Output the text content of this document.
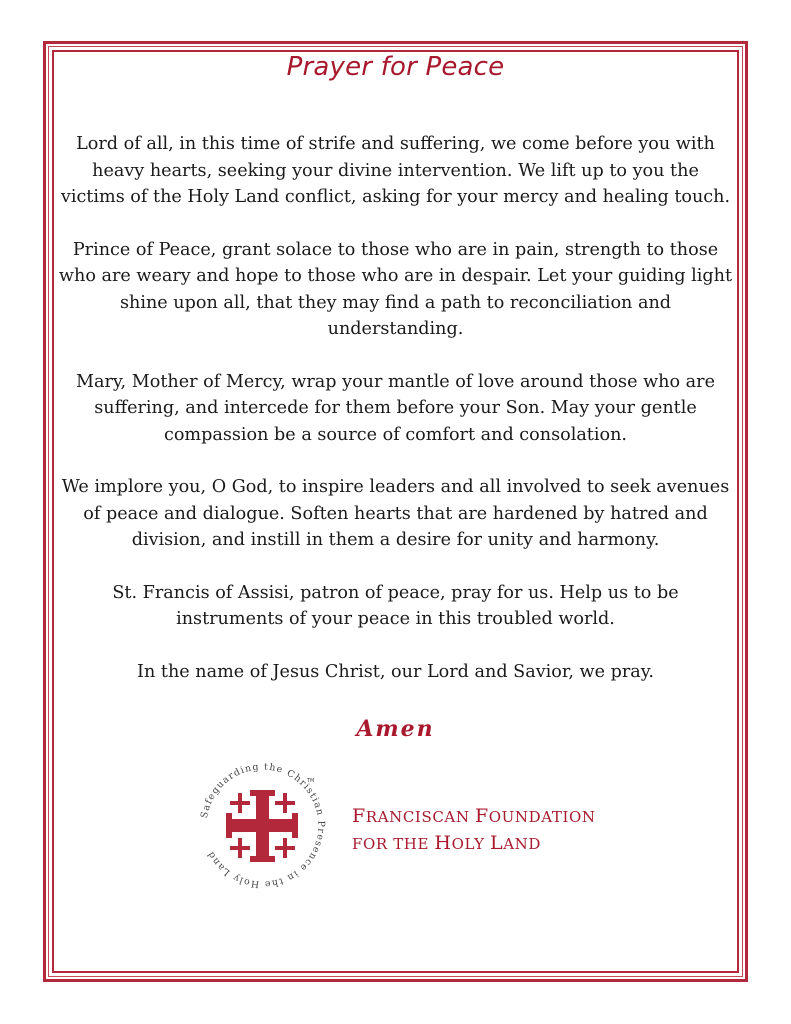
Prayer for Peace

Lord of all, in this time of strife and suffering, we come before you with
heavy hearts, seeking your divine intervention. We lift up to you the
victims of the Holy Land conflict, asking for your mercy and healing touch.

Prince of Peace, grant solace to those who are in pain, strength to those
who are weary and hope to those who are in despair. Let your guiding light
shine upon all, that they may find a path to reconciliation and
understanding.

Mary, Mother of Mercy, wrap your mantle of love around those who are
suffering, and intercede for them before your Son. May your gentle
compassion be a source of comfort and consolation.

We implore you, O God, to inspire leaders and all involved to seek avenues
of peace and dialogue. Soften hearts that are hardened by hatred and
division, and instill in them a desire for unity and harmony.

St. Francis of Assisi, patron of peace, pray for us. Help us to be
instruments of your peace in this troubled world.

In the name of Jesus Christ, our Lord and Savior, we pray.

Amen
Safeguarding the Christian Presence in the Holy Land
TM
FRANCISCAN FOUNDATION
FOR THE HOLY LAND
